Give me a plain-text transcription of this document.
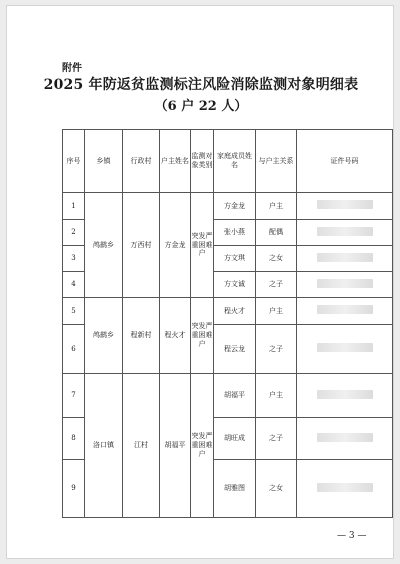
附件
2025 年防返贫监测标注风险消除监测对象明细表
（6 户 22 人）
序号	乡镇	行政村	户主姓名	监测对象类别	家庭成员姓名	与户主关系	证件号码
1	鸬鹚乡	万西村	方金龙	突发严重困难户	方金龙	户主	
2					张小燕	配偶	
3					方文琪	之女	
4					方文诚	之子	
5	鸬鹚乡	程新村	程火才	突发严重困难户	程火才	户主	
6					程云龙	之子	
7	洛口镇	江村	胡福平	突发严重困难户	胡福平	户主	
8					胡旺成	之子	
9					胡雅图	之女	
— 3 —
